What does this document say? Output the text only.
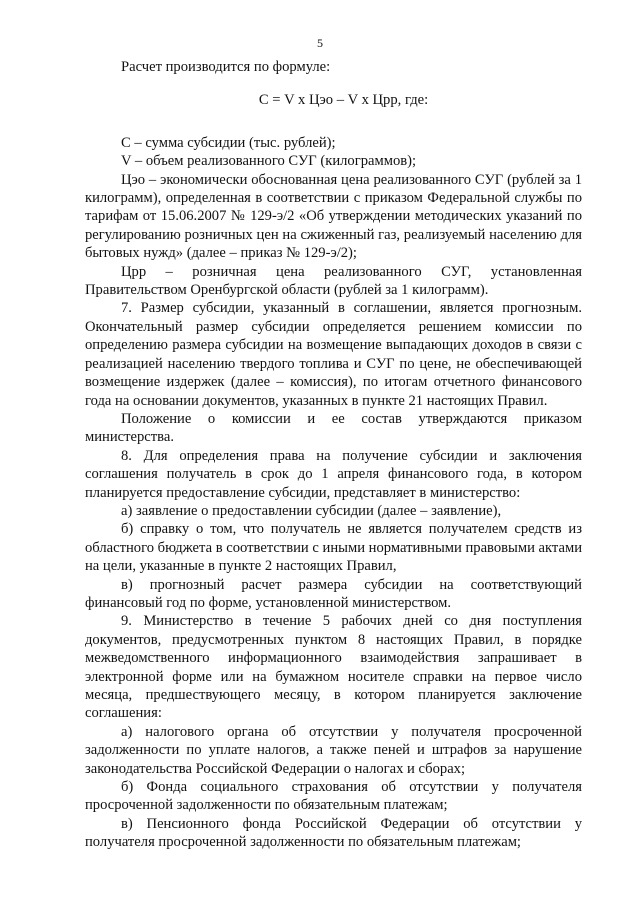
5

Расчет производится по формуле:

С = V x Цэо – V x Црр, где:

С – сумма субсидии (тыс. рублей);

V – объем реализованного СУГ (килограммов);

Цэо – экономически обоснованная цена реализованного СУГ (рублей за 1 килограмм), определенная в соответствии с приказом Федеральной службы по тарифам от 15.06.2007 № 129-э/2 «Об утверждении методических указаний по регулированию розничных цен на сжиженный газ, реализуемый населению для бытовых нужд» (далее – приказ № 129-э/2);

Црр – розничная цена реализованного СУГ, установленная Правительством Оренбургской области (рублей за 1 килограмм).

7. Размер субсидии, указанный в соглашении, является прогнозным. Окончательный размер субсидии определяется решением комиссии по определению размера субсидии на возмещение выпадающих доходов в связи с реализацией населению твердого топлива и СУГ по цене, не обеспечивающей возмещение издержек (далее – комиссия), по итогам отчетного финансового года на основании документов, указанных в пункте 21 настоящих Правил.

Положение о комиссии и ее состав утверждаются приказом министерства.

8. Для определения права на получение субсидии и заключения соглашения получатель в срок до 1 апреля финансового года, в котором планируется предоставление субсидии, представляет в министерство:

а) заявление о предоставлении субсидии (далее – заявление),

б) справку о том, что получатель не является получателем средств из областного бюджета в соответствии с иными нормативными правовыми актами на цели, указанные в пункте 2 настоящих Правил,

в) прогнозный расчет размера субсидии на соответствующий финансовый год по форме, установленной министерством.

9. Министерство в течение 5 рабочих дней со дня поступления документов, предусмотренных пунктом 8 настоящих Правил, в порядке межведомственного информационного взаимодействия запрашивает в электронной форме или на бумажном носителе справки на первое число месяца, предшествующего месяцу, в котором планируется заключение соглашения:

а) налогового органа об отсутствии у получателя просроченной задолженности по уплате налогов, а также пеней и штрафов за нарушение законодательства Российской Федерации о налогах и сборах;

б) Фонда социального страхования об отсутствии у получателя просроченной задолженности по обязательным платежам;

в) Пенсионного фонда Российской Федерации об отсутствии у получателя просроченной задолженности по обязательным платежам;
